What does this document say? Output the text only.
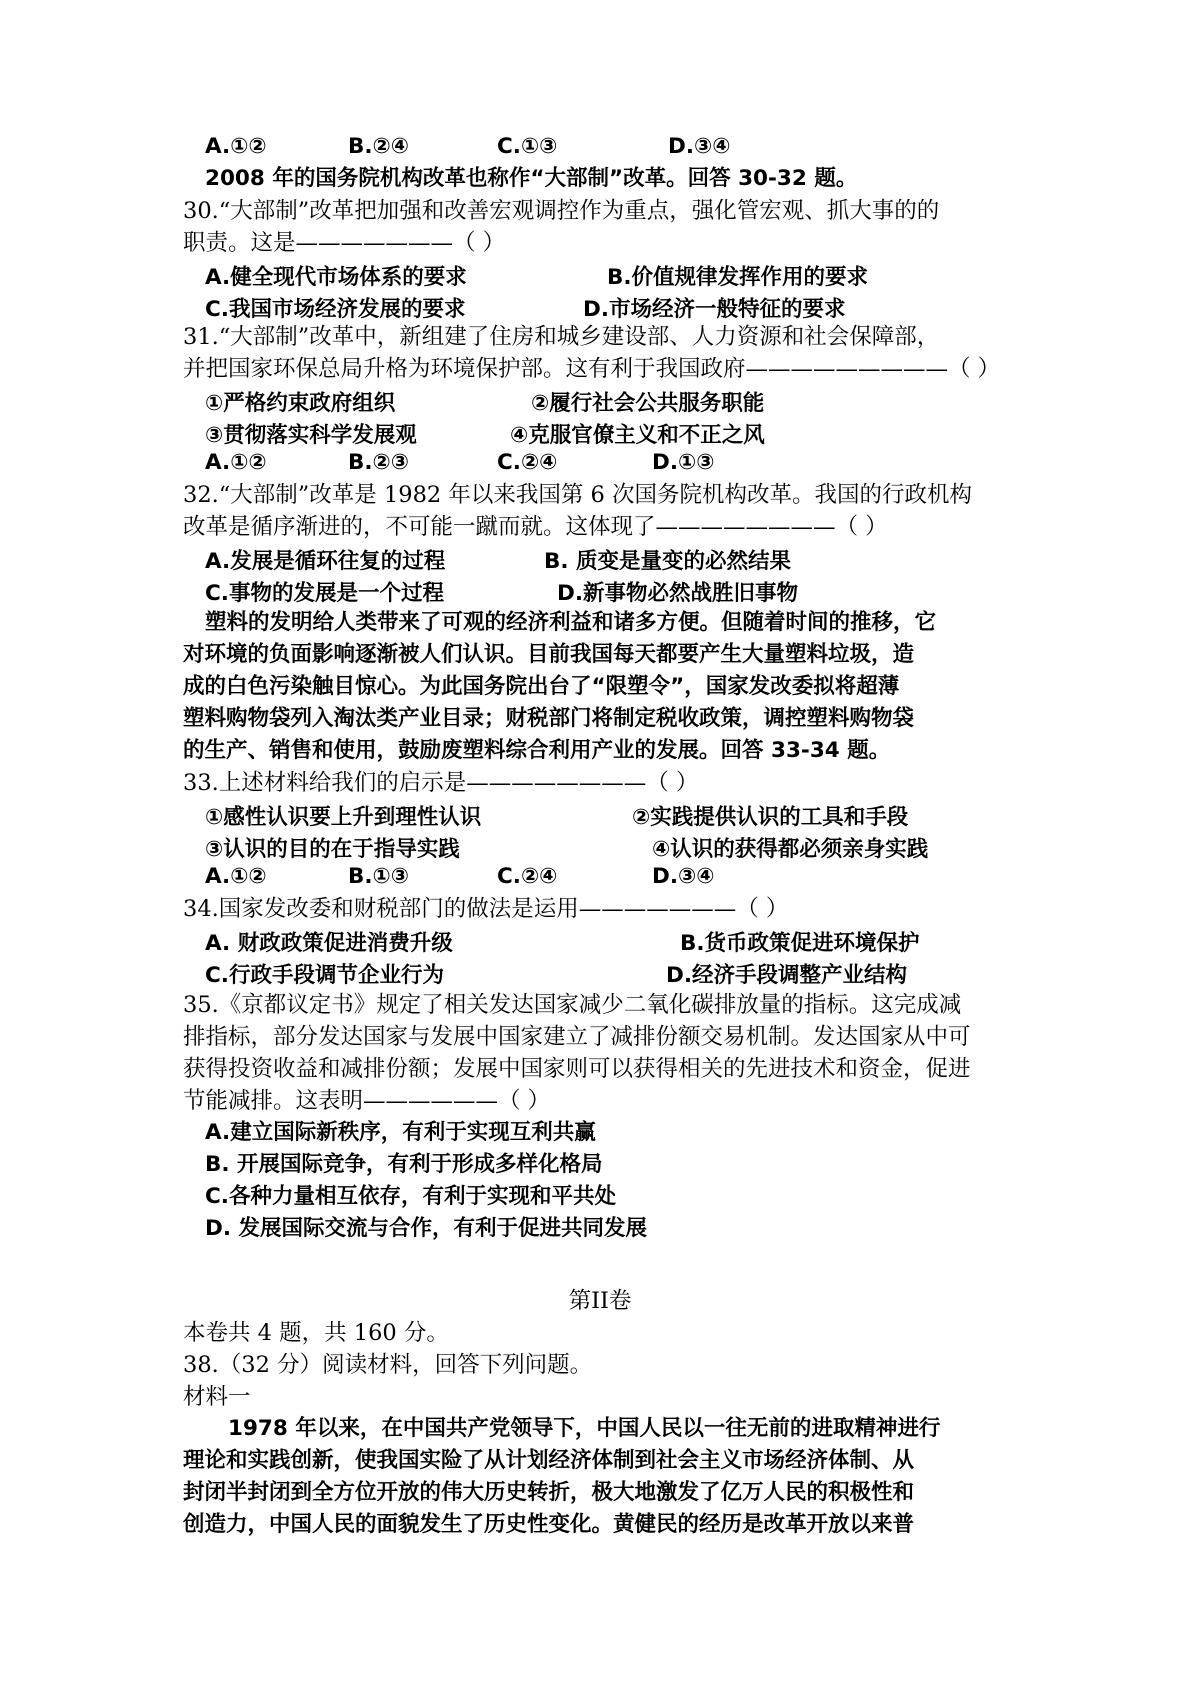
A.①②	B.②④	C.①③	D.③④
2008 年的国务院机构改革也称作“大部制”改革。回答 30-32 题。
30.“大部制”改革把加强和改善宏观调控作为重点，强化管宏观、抓大事的的
职责。这是———————（ ）
A.健全现代市场体系的要求	B.价值规律发挥作用的要求
C.我国市场经济发展的要求	D.市场经济一般特征的要求
31.“大部制”改革中，新组建了住房和城乡建设部、人力资源和社会保障部，
并把国家环保总局升格为环境保护部。这有利于我国政府—————————（ ）
①严格约束政府组织	②履行社会公共服务职能
③贯彻落实科学发展观	④克服官僚主义和不正之风
A.①②	B.②③	C.②④	D.①③
32.“大部制”改革是 1982 年以来我国第 6 次国务院机构改革。我国的行政机构
改革是循序渐进的，不可能一蹴而就。这体现了————————（ ）
A.发展是循环往复的过程	B. 质变是量变的必然结果
C.事物的发展是一个过程	D.新事物必然战胜旧事物
塑料的发明给人类带来了可观的经济利益和诸多方便。但随着时间的推移，它
对环境的负面影响逐渐被人们认识。目前我国每天都要产生大量塑料垃圾，造
成的白色污染触目惊心。为此国务院出台了“限塑令”，国家发改委拟将超薄
塑料购物袋列入淘汰类产业目录；财税部门将制定税收政策，调控塑料购物袋
的生产、销售和使用，鼓励废塑料综合利用产业的发展。回答 33-34 题。
33.上述材料给我们的启示是————————（ ）
①感性认识要上升到理性认识	②实践提供认识的工具和手段
③认识的目的在于指导实践	④认识的获得都必须亲身实践
A.①②	B.①③	C.②④	D.③④
34.国家发改委和财税部门的做法是运用———————（ ）
A. 财政政策促进消费升级	B.货币政策促进环境保护
C.行政手段调节企业行为	D.经济手段调整产业结构
35.《京都议定书》规定了相关发达国家减少二氧化碳排放量的指标。这完成减
排指标，部分发达国家与发展中国家建立了减排份额交易机制。发达国家从中可
获得投资收益和减排份额；发展中国家则可以获得相关的先进技术和资金，促进
节能减排。这表明——————（ ）
A.建立国际新秩序，有利于实现互利共赢
B. 开展国际竞争，有利于形成多样化格局
C.各种力量相互依存，有利于实现和平共处
D. 发展国际交流与合作，有利于促进共同发展
第II卷
本卷共 4 题，共 160 分。
38.（32 分）阅读材料，回答下列问题。
材料一
1978 年以来，在中国共产党领导下，中国人民以一往无前的进取精神进行
理论和实践创新，使我国实险了从计划经济体制到社会主义市场经济体制、从
封闭半封闭到全方位开放的伟大历史转折，极大地激发了亿万人民的积极性和
创造力，中国人民的面貌发生了历史性变化。黄健民的经历是改革开放以来普
